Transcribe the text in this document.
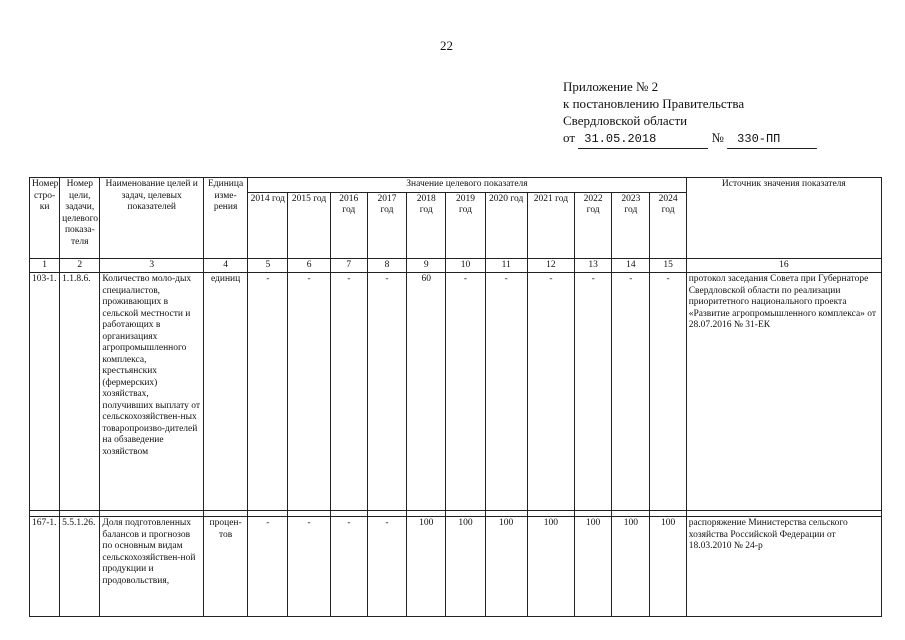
22
Приложение № 2
к постановлению Правительства
Свердловской области
от 31.05.2018	№ 330-ПП
Номер стро-ки	Номер цели, задачи, целевого показа-теля	Наименование целей и задач, целевых показателей	Единица изме-рения	Значение целевого показателя											Источник значения показателя
				2014 год	2015 год	2016 год	2017 год	2018 год	2019 год	2020 год	2021 год	2022 год	2023 год	2024 год	
1	2	3	4	5	6	7	8	9	10	11	12	13	14	15	16
103-1.	1.1.8.6.	Количество моло-дых специалистов, проживающих в сельской местности и работающих в организациях агропромышленного комплекса, крестьянских (фермерских) хозяйствах, получивших выплату от сельскохозяйствен-ных товаропроизво-дителей на обзаведение хозяйством	единиц	-	-	-	-	60	-	-	-	-	-	-	протокол заседания Совета при Губернаторе Свердловской области по реализации приоритетного национального проекта «Развитие агропромышленного комплекса» от 28.07.2016 № 31-ЕК

167-1.	5.5.1.26.	Доля подготовленных балансов и прогнозов по основным видам сельскохозяйствен-ной продукции и продовольствия,	процен-тов	-	-	-	-	100	100	100	100	100	100	100	распоряжение Министерства сельского хозяйства Российской Федерации от 18.03.2010 № 24-р
